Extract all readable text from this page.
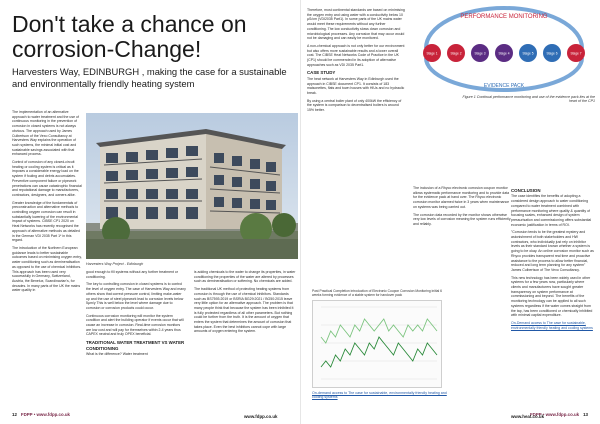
Don't take a chance on corrosion-Change!
Harvesters Way, EDINBURGH , making the case for a sustainable and environmentally friendly heating system

The implementation of an alternative approach to water treatment and the use of continuous monitoring in the prevention of corrosion in closed systems is not always obvious. The approach used by James Culbertson of the Vexo Consultancy at Harvesters Way explains the operation of such systems, the minimal initial cost and sustainable savings associated with that enhanced process.

Control of corrosion of any closed-circuit heating or cooling system is critical as it imposes a considerable energy load on the system if fouling and debris accumulates. Preventive component failure or pipework penetrations can cause catastrophic financial and reputational damage to manufacturers, contractors, designers, and owners alike.

Greater knowledge of the fundamentals of preconstruction and alternative methods to controlling oxygen corrosion can result in substantially lowering of the environmental impact of systems. CIBSE CP1 2020 on Heat Networks has recently recognised the approach of alternative methods as detailed in the German VDI 2035 Part 1* in this regard.

The introduction of the Northern European guidance leads to better sustainable outcomes based on minimising oxygen entry, water conditioning such as demineralisation as opposed to the use of chemical inhibitors. This approach has been used very successfully in Germany, Switzerland, Austria, the Benelux, Scandinavian's, for decades. In many parts of the UK the mains water quality in

Harvesters Way Project - Edinburgh

good enough to fill systems without any further treatment or conditioning.

The key to controlling corrosion in closed systems is to control the level of oxygen entry. The case of Harvesters Way and many others show that correct pressure control, limiting make-water up and the use of steel pipework lead to corrosion levels below 5µm/y This is well below the level where damage due to corrosion or corrosion products could occur.

Continuous corrosion monitoring will monitor the system condition and alert the building operator if events occur that will cause an increase in corrosion. Real-time corrosion monitors are low cost and will pay for themselves within 2-4 years thus CAPEX neutral and truly OPEX beneficial.

TRADITIONAL WATER TREATMENT VS WATER CONDITIONING

What is the difference? Water treatment

is adding chemicals to the water to change its properties, in water conditioning the properties of the water are altered by processes such as demineralisation or softening. No chemicals are added.

The traditional UK method of protecting heating systems from corrosion is through the use of chemical inhibitors. Standards such as BS7593:2019 or BSRIA BG29:2021 / BG50:2015 leave very little option for an alternative approach. The problem is that many people think that because the system has been inhibited it is fully protected regardless of all other parameters. But nothing could be further from the truth. It is the amount of oxygen that enters the system that determines the amount of corrosion that takes place. Even the best inhibitors cannot cope with large amounts of oxygen entering the system.

12 FDPP • www.fdpp.co.uk	www.fdpp.co.uk

Therefore, most continental standards are based on minimising the oxygen entry and using water with a conductivity below 10 µS/cm (VDI2035 Part1). In some parts of the UK mains water would meet these requirements without any further conditioning. The low conductivity slows down corrosion and microbiological processes. Any corrosion that may occur would not be damaging and can easily be monitored.

A non-chemical approach is not only better for our environment but also offers more sustainable results and a lower overall cost. The CIBSE Heat Networks Code of Practice in the UK (CP1) should be commended in its adoption of alternative approaches such as VDI 2035 Part1.

CASE STUDY

The heat network at Harvesters Way in Edinburgh used the approach in CIBSE document CP1. It consists of 183 maisonettes, flats and town houses with HIUs and no hydraulic break.

By using a central boiler plant of only 400kW the efficiency of the system is comparison to decentralised boilers is around 15% better.

The inclusion of a Rhyco electronic corrosion coupon monitor allows systematic performance monitoring and to provide data for the evidence pack at hand over. The Rhyco electronic corrosion monitor alarmed twice in 3 years when maintenance on systems was being carried out.

The corrosion data recorded by the monitor shows otherwise very low levels of corrosion meaning the system runs efficiently and reliably.

CONCLUSION

The case identifies the benefits of adopting a considered design approach to water conditioning compared to water treatment combined with performance monitoring where quality & quantity of focusing scales, enhanced design of system pressurisation and commissioning offers substantial economic justification in terms of ROI.

"Corrosion tends to be the greatest mystery and astonishment of both stakeholders and HW contractors, who individually just rely on inhibitor levels as their standard known whether a system is going to be okay. An online corrosion monitor such as Rhyco provides transparent real time and proactive assistance to the process to allow better financial, reduced and long term planning for any system" James Culbertson of The Vexo Consultancy.

This new technology has been widely used in other systems for a few years now, particularly where clients and manufacturers have sought greater transparency on system performance at commissioning and beyond. The benefits of the monitoring technology can be applied to all such systems regardless if the water comes straight from the tap, has been conditioned or chemically inhibited with minimal capital expenditure.

On-Demand access to The case for sustainable, environmentally friendly heating and cooling systems

FDPP • www.fdpp.co.uk 13
www.heat.co.uk
PERFORMANCE MONITORING
EVIDENCE PACK
Stage 1	Stage 2	Stage 3	Stage 4	Stage 5	Stage 6	Stage 7
Figure 1 Continual performance monitoring and use of the evidence pack lies at the heart of the CP1
Post Practical Completion introduction of Electronic Coupon Corrosion Monitoring initial 6 weeks forming evidence of a stable system for handover pack
On-demand access to The case for sustainable, environmentally friendly heating and cooling systems
